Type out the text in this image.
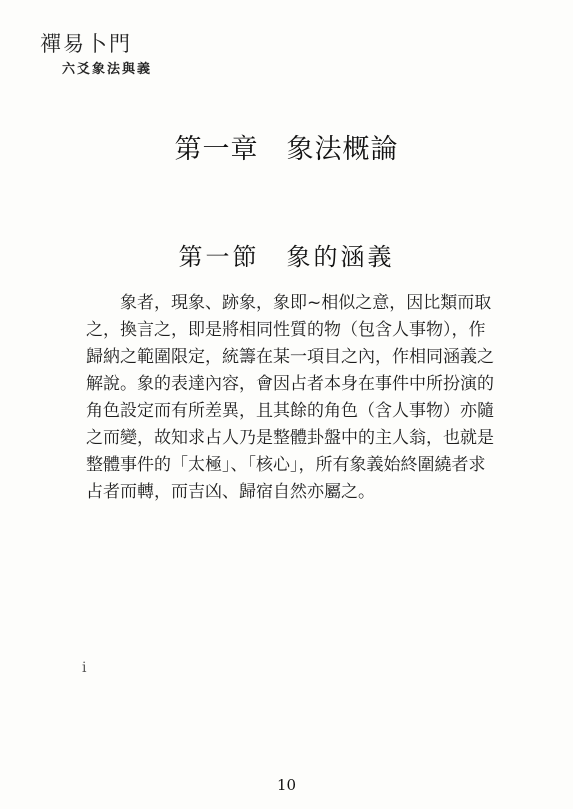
禪易卜門
六爻象法與義
第一章　象法概論
第一節　象的涵義
象者，現象、跡象，象即~相似之意，因比類而取
之，換言之，即是將相同性質的物（包含人事物），作
歸納之範圍限定，統籌在某一項目之內，作相同涵義之
解說。象的表達內容，會因占者本身在事件中所扮演的
角色設定而有所差異，且其餘的角色（含人事物）亦隨
之而變，故知求占人乃是整體卦盤中的主人翁，也就是
整體事件的「太極」、「核心」，所有象義始終圍繞者求
占者而轉，而吉凶、歸宿自然亦屬之。
ⅰ
10
